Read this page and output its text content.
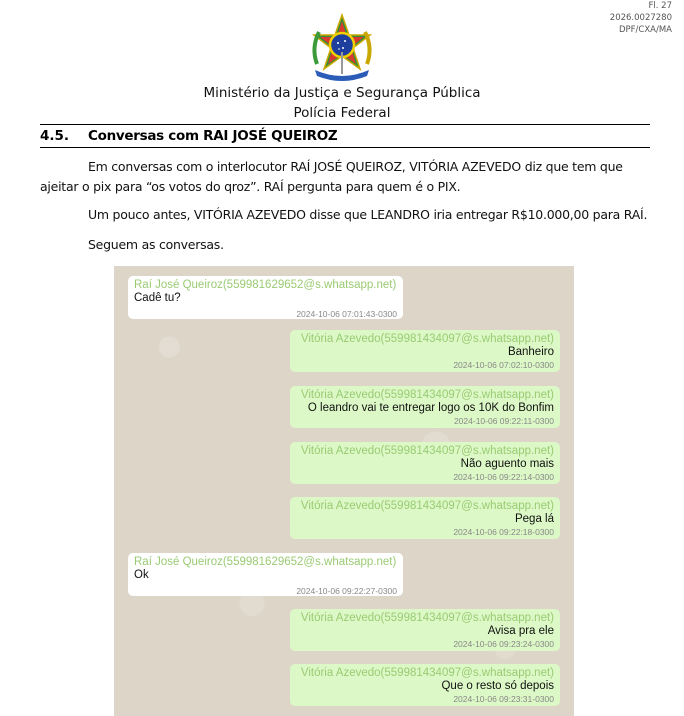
Fl. 27
2026.0027280
DPF/CXA/MA
Ministério da Justiça e Segurança Pública
Polícia Federal
4.5. Conversas com RAI JOSÉ QUEIROZ
Em conversas com o interlocutor RAÍ JOSÉ QUEIROZ, VITÓRIA AZEVEDO diz que tem que ajeitar o pix para “os votos do qroz”. RAÍ pergunta para quem é o PIX.
Um pouco antes, VITÓRIA AZEVEDO disse que LEANDRO iria entregar R$10.000,00 para RAÍ.
Seguem as conversas.
Raí José Queiroz(559981629652@s.whatsapp.net)
Cadê tu?
2024-10-06 07:01:43-0300
Vitória Azevedo(559981434097@s.whatsapp.net)
Banheiro
2024-10-06 07:02:10-0300
Vitória Azevedo(559981434097@s.whatsapp.net)
O leandro vai te entregar logo os 10K do Bonfim
2024-10-06 09:22:11-0300
Vitória Azevedo(559981434097@s.whatsapp.net)
Não aguento mais
2024-10-06 09:22:14-0300
Vitória Azevedo(559981434097@s.whatsapp.net)
Pega lá
2024-10-06 09:22:18-0300
Raí José Queiroz(559981629652@s.whatsapp.net)
Ok
2024-10-06 09:22:27-0300
Vitória Azevedo(559981434097@s.whatsapp.net)
Avisa pra ele
2024-10-06 09:23:24-0300
Vitória Azevedo(559981434097@s.whatsapp.net)
Que o resto só depois
2024-10-06 09:23:31-0300
